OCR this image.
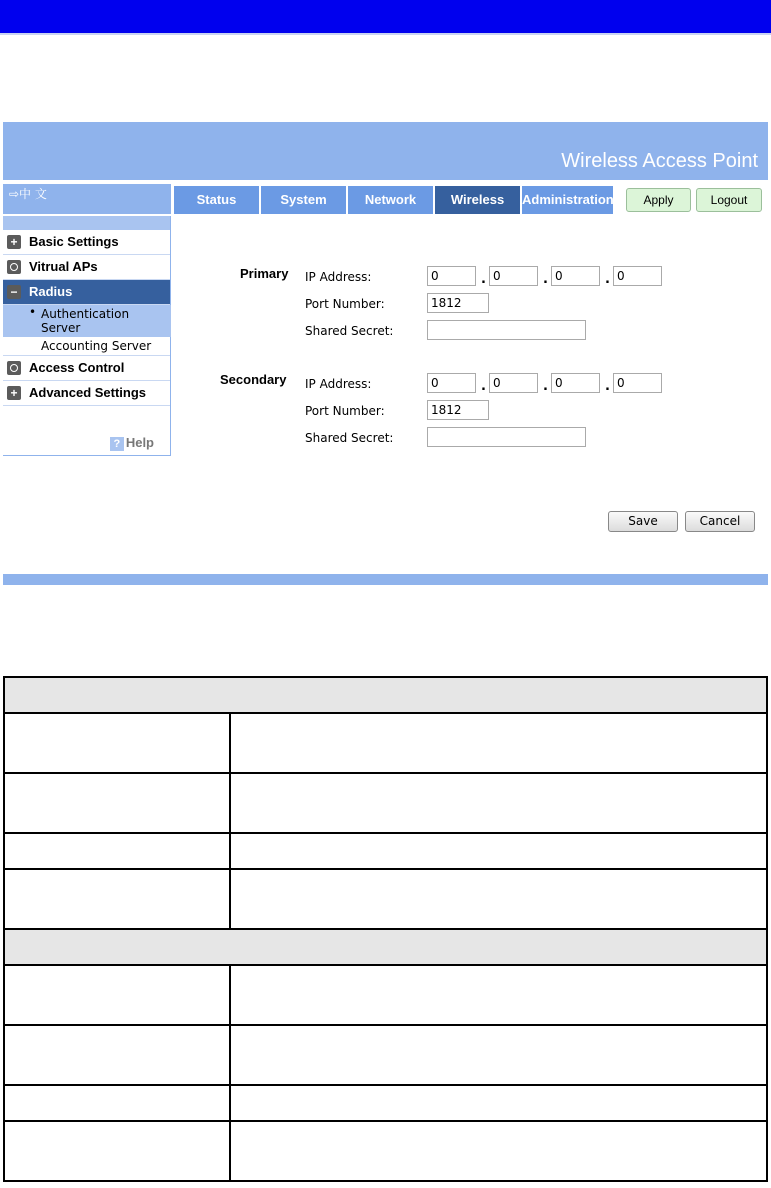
Wireless Access Point
⇨中 文	Status	System	Network	Wireless	Administration	Apply	Logout
+ Basic Settings
Vitrual APs
− Radius
• Authentication Server
Accounting Server
Access Control
+ Advanced Settings
? Help
Primary IP Address:
0	.
0	.
0	.
0
Port Number:
1812
Shared Secret:
Secondary IP Address:
0	.
0	.
0	.
0
Port Number:
1812
Shared Secret:
Save	Cancel
